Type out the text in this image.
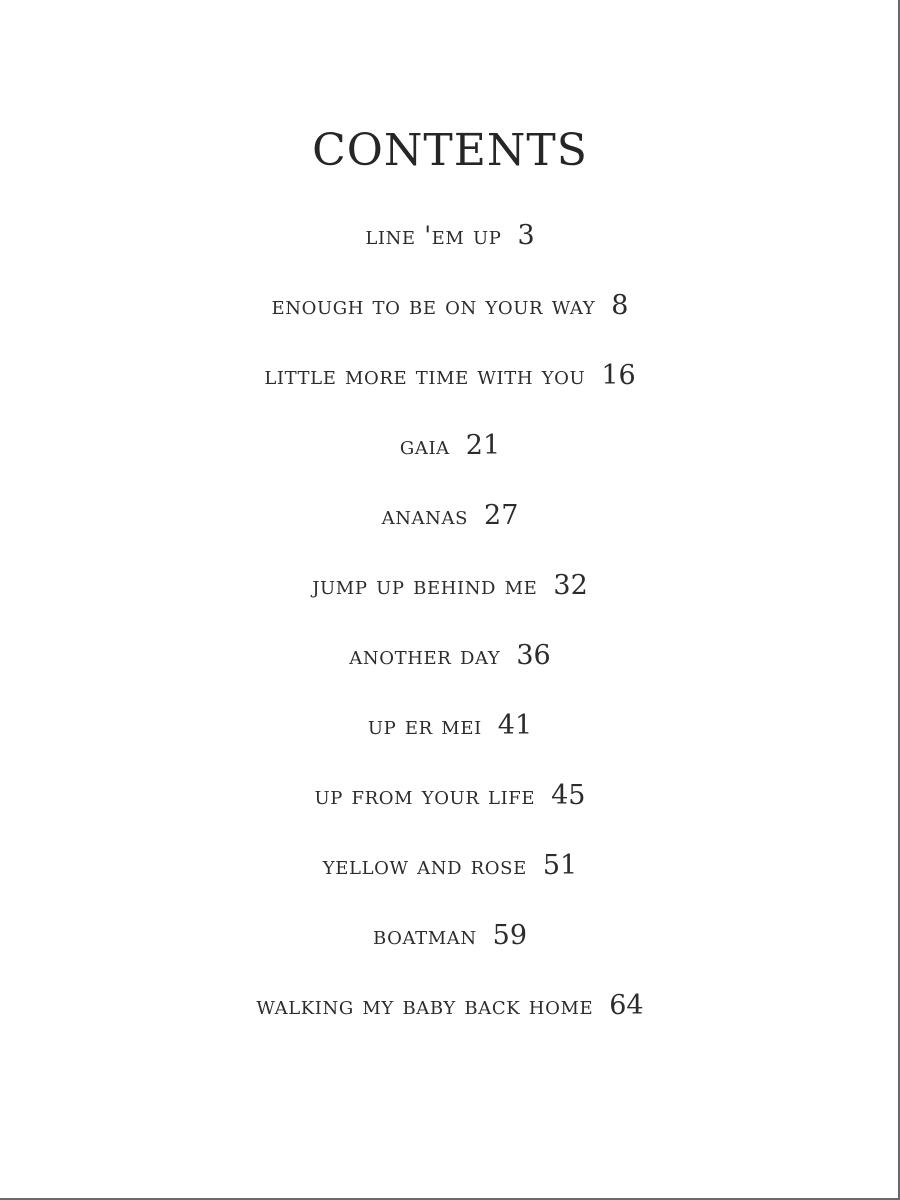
CONTENTS
line 'em up 3
enough to be on your way 8
little more time with you 16
gaia 21
ananas 27
jump up behind me 32
another day 36
up er mei 41
up from your life 45
yellow and rose 51
boatman 59
walking my baby back home 64
